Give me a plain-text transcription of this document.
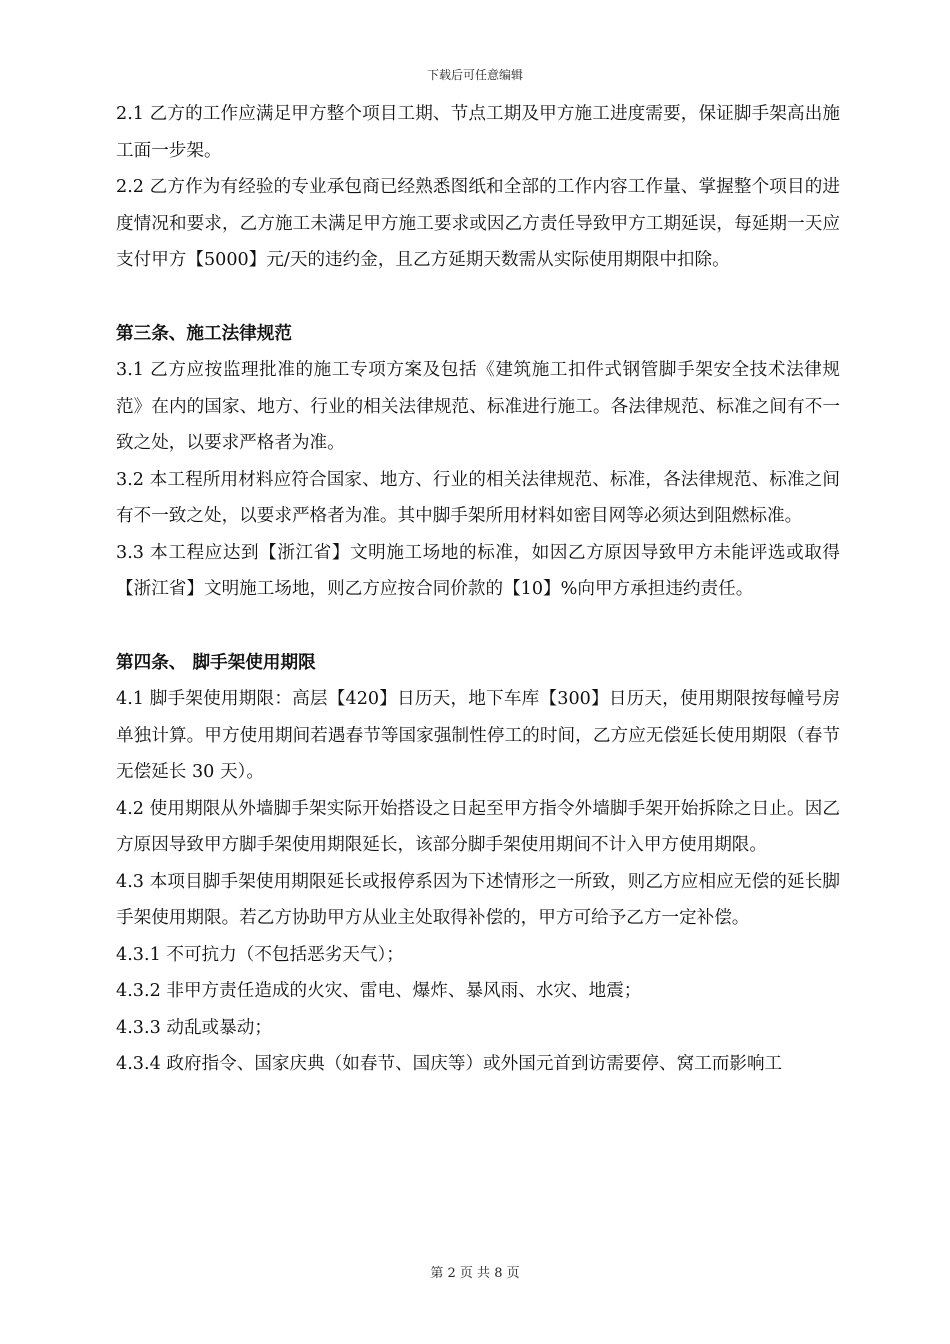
下载后可任意编辑

2.1 乙方的工作应满足甲方整个项目工期、节点工期及甲方施工进度需要，保证脚手架高出施工面一步架。

2.2 乙方作为有经验的专业承包商已经熟悉图纸和全部的工作内容工作量、掌握整个项目的进度情况和要求，乙方施工未满足甲方施工要求或因乙方责任导致甲方工期延误，每延期一天应支付甲方【5000】元/天的违约金，且乙方延期天数需从实际使用期限中扣除。

第三条、施工法律规范

3.1 乙方应按监理批准的施工专项方案及包括《建筑施工扣件式钢管脚手架安全技术法律规范》在内的国家、地方、行业的相关法律规范、标准进行施工。各法律规范、标准之间有不一致之处，以要求严格者为准。

3.2 本工程所用材料应符合国家、地方、行业的相关法律规范、标准，各法律规范、标准之间有不一致之处，以要求严格者为准。其中脚手架所用材料如密目网等必须达到阻燃标准。

3.3 本工程应达到【浙江省】文明施工场地的标准，如因乙方原因导致甲方未能评选或取得【浙江省】文明施工场地，则乙方应按合同价款的【10】%向甲方承担违约责任。

第四条、 脚手架使用期限

4.1 脚手架使用期限：高层【420】日历天，地下车库【300】日历天，使用期限按每幢号房单独计算。甲方使用期间若遇春节等国家强制性停工的时间，乙方应无偿延长使用期限（春节无偿延长 30 天）。

4.2 使用期限从外墙脚手架实际开始搭设之日起至甲方指令外墙脚手架开始拆除之日止。因乙方原因导致甲方脚手架使用期限延长，该部分脚手架使用期间不计入甲方使用期限。

4.3 本项目脚手架使用期限延长或报停系因为下述情形之一所致，则乙方应相应无偿的延长脚手架使用期限。若乙方协助甲方从业主处取得补偿的，甲方可给予乙方一定补偿。

4.3.1 不可抗力（不包括恶劣天气）；

4.3.2 非甲方责任造成的火灾、雷电、爆炸、暴风雨、水灾、地震；

4.3.3 动乱或暴动；

4.3.4 政府指令、国家庆典（如春节、国庆等）或外国元首到访需要停、窝工而影响工

第 2 页 共 8 页
